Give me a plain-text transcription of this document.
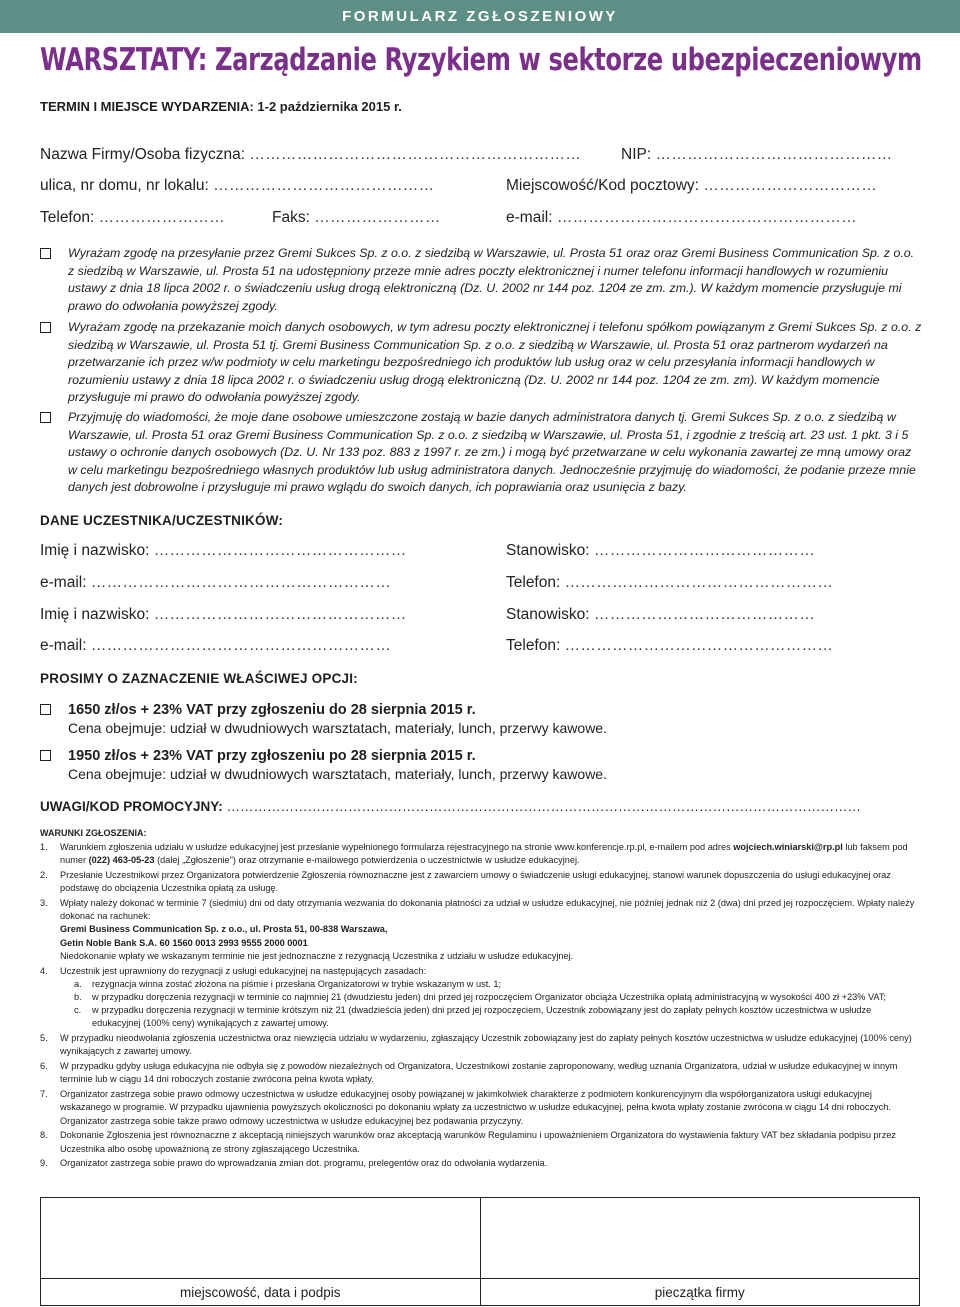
FORMULARZ ZGŁOSZENIOWY
WARSZTATY: Zarządzanie Ryzykiem w sektorze ubezpieczeniowym
TERMIN I MIEJSCE WYDARZENIA: 1-2 października 2015 r.
Nazwa Firmy/Osoba fizyczna: ………………………………………………………	NIP: ………………………………………
ulica, nr domu, nr lokalu: ……………………………………	Miejscowość/Kod pocztowy: ……………………………
Telefon: ……………………	Faks: ……………………	e-mail: …………………………………………………
Wyrażam zgodę na przesyłanie przez Gremi Sukces Sp. z o.o. z siedzibą w Warszawie, ul. Prosta 51 oraz oraz Gremi Business Communication Sp. z o.o. z siedzibą w Warszawie, ul. Prosta 51 na udostępniony przeze mnie adres poczty elektronicznej i numer telefonu informacji handlowych w rozumieniu ustawy z dnia 18 lipca 2002 r. o świadczeniu usług drogą elektroniczną (Dz. U. 2002 nr 144 poz. 1204 ze zm. zm.). W każdym momencie przysługuje mi prawo do odwołania powyższej zgody.
Wyrażam zgodę na przekazanie moich danych osobowych, w tym adresu poczty elektronicznej i telefonu spółkom powiązanym z Gremi Sukces Sp. z o.o. z siedzibą w Warszawie, ul. Prosta 51 tj. Gremi Business Communication Sp. z o.o. z siedzibą w Warszawie, ul. Prosta 51 oraz partnerom wydarzeń na przetwarzanie ich przez w/w podmioty w celu marketingu bezpośredniego ich produktów lub usług oraz w celu przesyłania informacji handlowych w rozumieniu ustawy z dnia 18 lipca 2002 r. o świadczeniu usług drogą elektroniczną (Dz. U. 2002 nr 144 poz. 1204 ze zm. zm). W każdym momencie przysługuje mi prawo do odwołania powyższej zgody.
Przyjmuję do wiadomości, że moje dane osobowe umieszczone zostają w bazie danych administratora danych tj. Gremi Sukces Sp. z o.o. z siedzibą w Warszawie, ul. Prosta 51 oraz Gremi Business Communication Sp. z o.o. z siedzibą w Warszawie, ul. Prosta 51, i zgodnie z treścią art. 23 ust. 1 pkt. 3 i 5 ustawy o ochronie danych osobowych (Dz. U. Nr 133 poz. 883 z 1997 r. ze zm.) i mogą być przetwarzane w celu wykonania zawartej ze mną umowy oraz w celu marketingu bezpośredniego własnych produktów lub usług administratora danych. Jednocześnie przyjmuję do wiadomości, że podanie przeze mnie danych jest dobrowolne i przysługuje mi prawo wglądu do swoich danych, ich poprawiania oraz usunięcia z bazy.
DANE UCZESTNIKA/UCZESTNIKÓW:
Imię i nazwisko: …………………………………………	Stanowisko: ……………………………………
e-mail: …………………………………………………	Telefon: ……………………………………………
Imię i nazwisko: …………………………………………	Stanowisko: ……………………………………
e-mail: …………………………………………………	Telefon: ……………………………………………
PROSIMY O ZAZNACZENIE WŁAŚCIWEJ OPCJI:
1650 zł/os + 23% VAT przy zgłoszeniu do 28 sierpnia 2015 r.
Cena obejmuje: udział w dwudniowych warsztatach, materiały, lunch, przerwy kawowe.
1950 zł/os + 23% VAT przy zgłoszeniu po 28 sierpnia 2015 r.
Cena obejmuje: udział w dwudniowych warsztatach, materiały, lunch, przerwy kawowe.
UWAGI/KOD PROMOCYJNY: ……………………………………………………………………………………………………………………………
WARUNKI ZGŁOSZENIA:
1. Warunkiem zgłoszenia udziału w usłudze edukacyjnej jest przesłanie wypełnionego formularza rejestracyjnego na stronie www.konferencje.rp.pl, e-mailem pod adres wojciech.winiarski@rp.pl lub faksem pod numer (022) 463-05-23 (dalej „Zgłoszenie") oraz otrzymanie e-mailowego potwierdzenia o uczestnictwie w usłudze edukacyjnej.
2. Przesłanie Uczestnikowi przez Organizatora potwierdzenie Zgłoszenia równoznaczne jest z zawarciem umowy o świadczenie usługi edukacyjnej, stanowi warunek dopuszczenia do usługi edukacyjnej oraz podstawę do obciążenia Uczestnika opłatą za usługę.
3. Wpłaty należy dokonać w terminie 7 (siedmiu) dni od daty otrzymania wezwania do dokonania płatności za udział w usłudze edukacyjnej, nie później jednak niż 2 (dwa) dni przed jej rozpoczęciem. Wpłaty należy dokonać na rachunek:
Gremi Business Communication Sp. z o.o., ul. Prosta 51, 00-838 Warszawa,
Getin Noble Bank S.A. 60 1560 0013 2993 9555 2000 0001
Niedokonanie wpłaty we wskazanym terminie nie jest jednoznaczne z rezygnacją Uczestnika z udziału w usłudze edukacyjnej.
4. Uczestnik jest uprawniony do rezygnacji z usługi edukacyjnej na następujących zasadach:
a. rezygnacja winna zostać złożona na piśmie i przesłana Organizatorowi w trybie wskazanym w ust. 1;
b. w przypadku doręczenia rezygnacji w terminie co najmniej 21 (dwudziestu jeden) dni przed jej rozpoczęciem Organizator obciąża Uczestnika opłatą administracyjną w wysokości 400 zł +23% VAT;
c. w przypadku doręczenia rezygnacji w terminie krótszym niż 21 (dwadzieścia jeden) dni przed jej rozpoczęciem, Uczestnik zobowiązany jest do zapłaty pełnych kosztów uczestnictwa w usłudze edukacyjnej (100% ceny) wynikających z zawartej umowy.
5. W przypadku nieodwołania zgłoszenia uczestnictwa oraz niewzięcia udziału w wydarzeniu, zgłaszający Uczestnik zobowiązany jest do zapłaty pełnych kosztów uczestnictwa w usłudze edukacyjnej (100% ceny) wynikających z zawartej umowy.
6. W przypadku gdyby usługa edukacyjna nie odbyła się z powodów niezależnych od Organizatora, Uczestnikowi zostanie zaproponowany, według uznania Organizatora, udział w usłudze edukacyjnej w innym terminie lub w ciągu 14 dni roboczych zostanie zwrócona pełna kwota wpłaty.
7. Organizator zastrzega sobie prawo odmowy uczestnictwa w usłudze edukacyjnej osoby powiązanej w jakimkolwiek charakterze z podmiotem konkurencyjnym dla współorganizatora usługi edukacyjnej wskazanego w programie. W przypadku ujawnienia powyższych okoliczności po dokonaniu wpłaty za uczestnictwo w usłudze edukacyjnej, pełna kwota wpłaty zostanie zwrócona w ciągu 14 dni roboczych. Organizator zastrzega sobie także prawo odmowy uczestnictwa w usłudze edukacyjnej bez podawania przyczyny.
8. Dokonanie Zgłoszenia jest równoznaczne z akceptacją niniejszych warunków oraz akceptacją warunków Regulaminu i upoważnieniem Organizatora do wystawienia faktury VAT bez składania podpisu przez Uczestnika albo osobę upoważnioną ze strony zgłaszającego Uczestnika.
9. Organizator zastrzega sobie prawo do wprowadzania zmian dot. programu, prelegentów oraz do odwołania wydarzenia.
miejscowość, data i podpis	pieczątka firmy
